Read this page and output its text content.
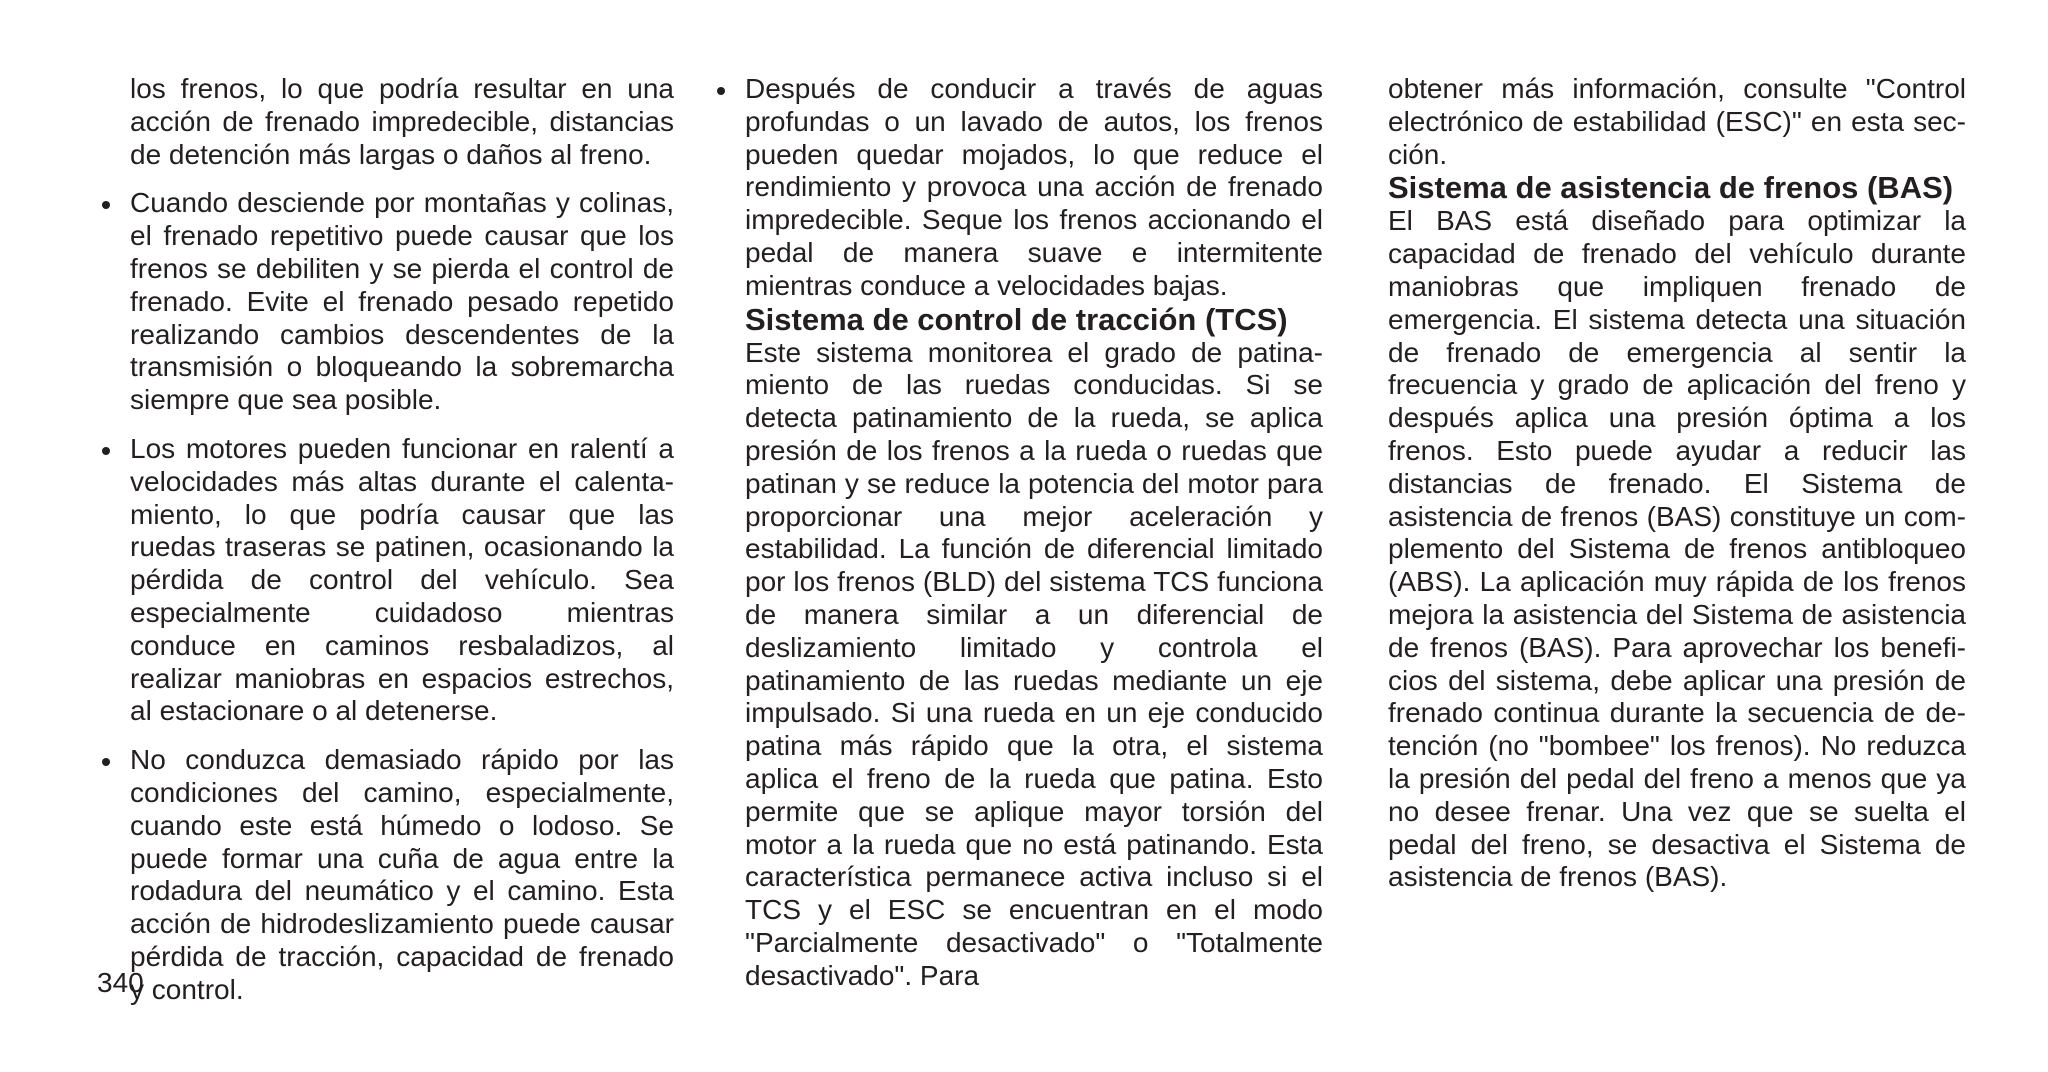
los frenos, lo que podría resultar en una acción de frenado impredecible, distancias de detención más largas o daños al freno.

Cuando desciende por montañas y colinas, el frenado repetitivo puede causar que los frenos se debiliten y se pierda el control de frenado. Evite el frenado pesado repetido realizando cambios descendentes de la transmisión o bloqueando la sobremarcha siempre que sea posible.

Los motores pueden funcionar en ralentí a velocidades más altas durante el calentamiento, lo que podría causar que las ruedas traseras se patinen, ocasionando la pérdida de control del vehículo. Sea especialmente cuidadoso mientras conduce en caminos resbaladizos, al realizar maniobras en espacios estrechos, al estacionare o al detenerse.

No conduzca demasiado rápido por las condiciones del camino, especialmente, cuando este está húmedo o lodoso. Se puede formar una cuña de agua entre la rodadura del neumático y el camino. Esta acción de hidrodeslizamiento puede causar pérdida de tracción, capacidad de frenado y control.

Después de conducir a través de aguas profundas o un lavado de autos, los frenos pueden quedar mojados, lo que reduce el rendimiento y provoca una acción de frenado impredecible. Seque los frenos accionando el pedal de manera suave e intermitente mientras conduce a velocidades bajas.

Sistema de control de tracción (TCS)

Este sistema monitorea el grado de patinamiento de las ruedas conducidas. Si se detecta patinamiento de la rueda, se aplica presión de los frenos a la rueda o ruedas que patinan y se reduce la potencia del motor para proporcionar una mejor aceleración y estabilidad. La función de diferencial limitado por los frenos (BLD) del sistema TCS funciona de manera similar a un diferencial de deslizamiento limitado y controla el patinamiento de las ruedas mediante un eje impulsado. Si una rueda en un eje conducido patina más rápido que la otra, el sistema aplica el freno de la rueda que patina. Esto permite que se aplique mayor torsión del motor a la rueda que no está patinando. Esta característica permanece activa incluso si el TCS y el ESC se encuentran en el modo "Parcialmente desactivado" o "Totalmente desactivado". Para

obtener más información, consulte "Control electrónico de estabilidad (ESC)" en esta sección.

Sistema de asistencia de frenos (BAS)

El BAS está diseñado para optimizar la capacidad de frenado del vehículo durante maniobras que impliquen frenado de emergencia. El sistema detecta una situación de frenado de emergencia al sentir la frecuencia y grado de aplicación del freno y después aplica una presión óptima a los frenos. Esto puede ayudar a reducir las distancias de frenado. El Sistema de asistencia de frenos (BAS) constituye un complemento del Sistema de frenos antibloqueo (ABS). La aplicación muy rápida de los frenos mejora la asistencia del Sistema de asistencia de frenos (BAS). Para aprovechar los beneficios del sistema, debe aplicar una presión de frenado continua durante la secuencia de detención (no "bombee" los frenos). No reduzca la presión del pedal del freno a menos que ya no desee frenar. Una vez que se suelta el pedal del freno, se desactiva el Sistema de asistencia de frenos (BAS).

340
